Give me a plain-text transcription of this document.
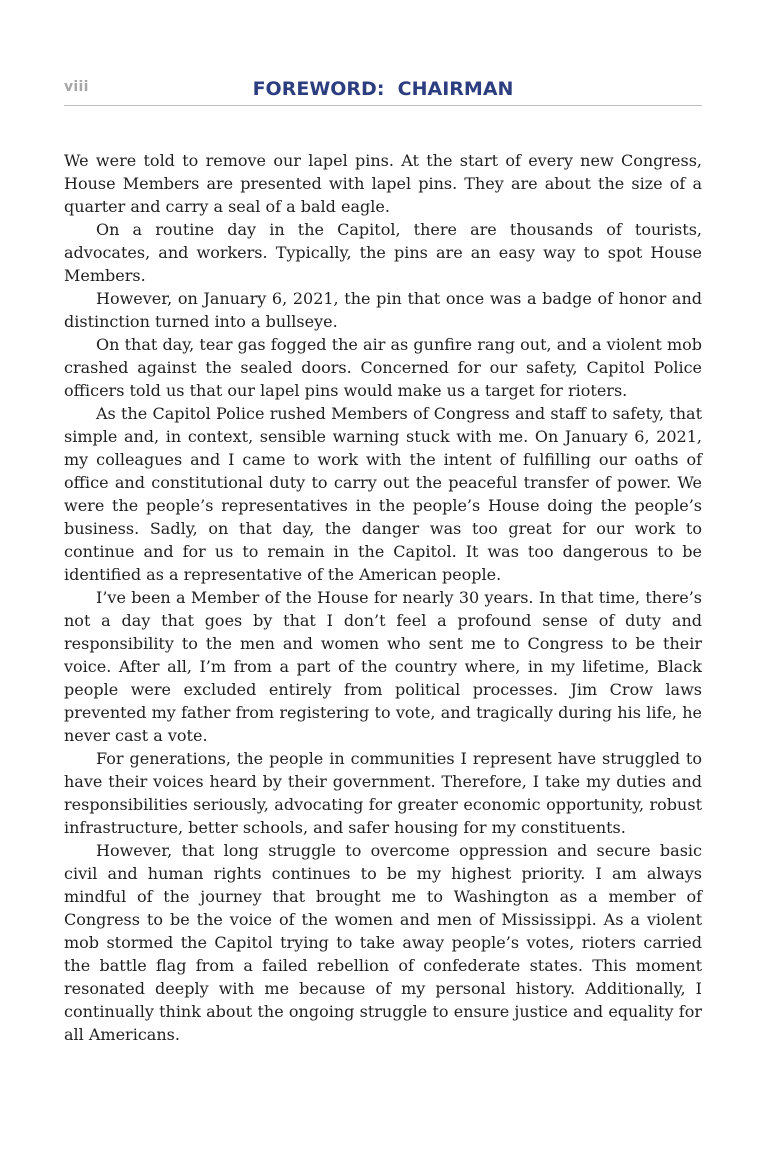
viii	FOREWORD:  CHAIRMAN

We were told to remove our lapel pins. At the start of every new Congress, House Members are presented with lapel pins. They are about the size of a quarter and carry a seal of a bald eagle.

On a routine day in the Capitol, there are thousands of tourists, advocates, and workers. Typically, the pins are an easy way to spot House Members.

However, on January 6, 2021, the pin that once was a badge of honor and distinction turned into a bullseye.

On that day, tear gas fogged the air as gunfire rang out, and a violent mob crashed against the sealed doors. Concerned for our safety, Capitol Police officers told us that our lapel pins would make us a target for rioters.

As the Capitol Police rushed Members of Congress and staff to safety, that simple and, in context, sensible warning stuck with me. On January 6, 2021, my colleagues and I came to work with the intent of fulfilling our oaths of office and constitutional duty to carry out the peaceful transfer of power. We were the people’s representatives in the people’s House doing the people’s business. Sadly, on that day, the danger was too great for our work to continue and for us to remain in the Capitol. It was too dangerous to be identified as a representative of the American people.

I’ve been a Member of the House for nearly 30 years. In that time, there’s not a day that goes by that I don’t feel a profound sense of duty and responsibility to the men and women who sent me to Congress to be their voice. After all, I’m from a part of the country where, in my lifetime, Black people were excluded entirely from political processes. Jim Crow laws prevented my father from registering to vote, and tragically during his life, he never cast a vote.

For generations, the people in communities I represent have struggled to have their voices heard by their government. Therefore, I take my duties and responsibilities seriously, advocating for greater economic opportunity, robust infrastructure, better schools, and safer housing for my constituents.

However, that long struggle to overcome oppression and secure basic civil and human rights continues to be my highest priority. I am always mindful of the journey that brought me to Washington as a member of Congress to be the voice of the women and men of Mississippi. As a violent mob stormed the Capitol trying to take away people’s votes, rioters carried the battle flag from a failed rebellion of confederate states. This moment resonated deeply with me because of my personal history. Additionally, I continually think about the ongoing struggle to ensure justice and equality for all Americans.
